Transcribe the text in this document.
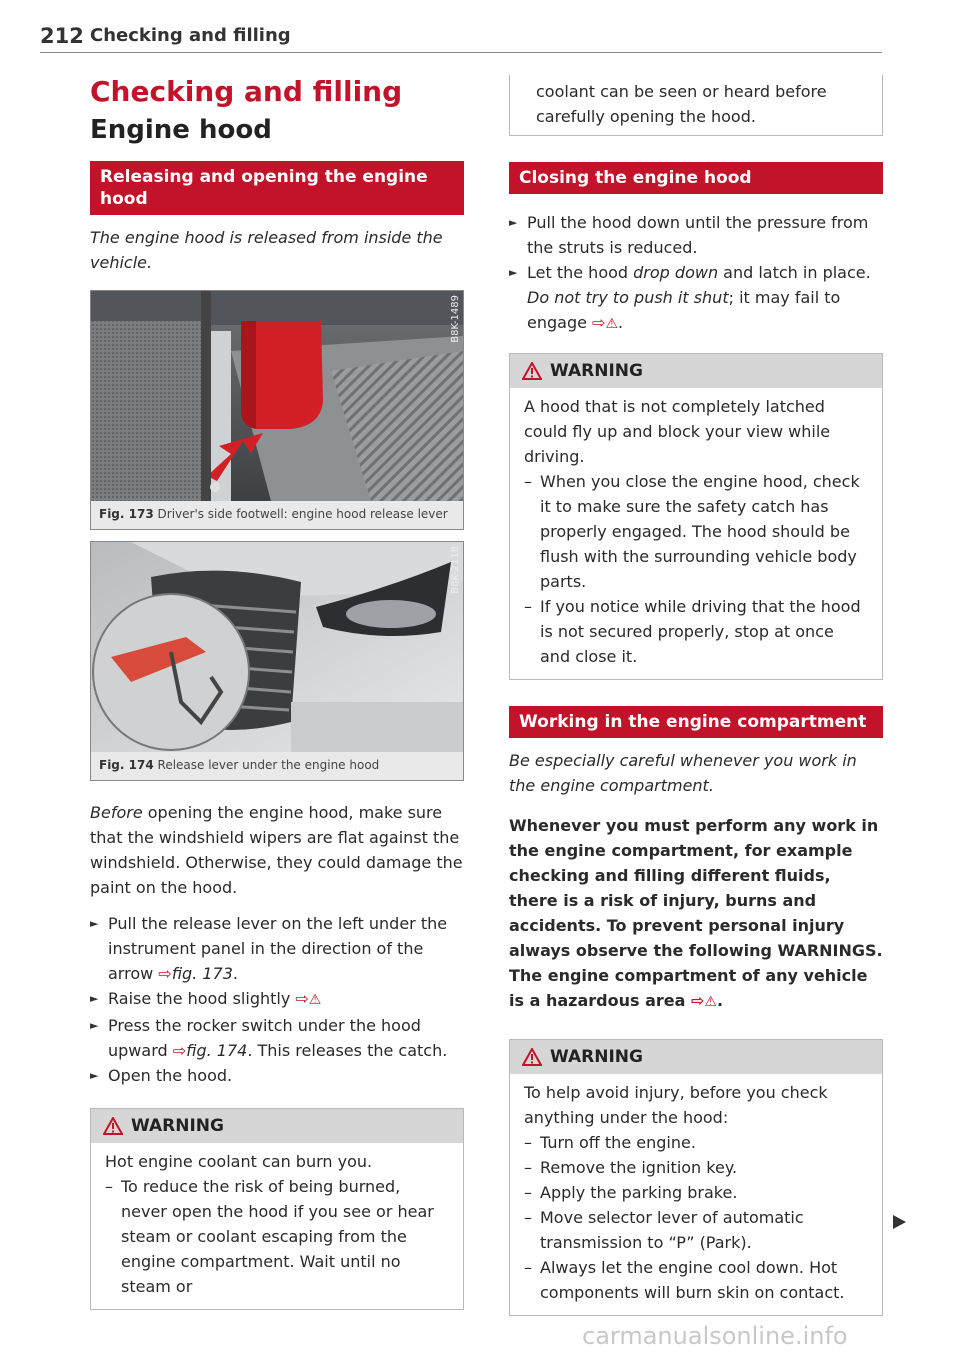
212 Checking and filling
Checking and filling
Engine hood
Releasing and opening the engine hood

The engine hood is released from inside the vehicle.

B8K-1489
Fig. 173 Driver's side footwell: engine hood release lever
B8K-2118
Fig. 174 Release lever under the engine hood

Before opening the engine hood, make sure that the windshield wipers are flat against the windshield. Otherwise, they could damage the paint on the hood.

► Pull the release lever on the left under the instrument panel in the direction of the arrow ⇨fig. 173.
► Raise the hood slightly ⇨⚠
► Press the rocker switch under the hood upward ⇨fig. 174. This releases the catch.
► Open the hood.
WARNING
Hot engine coolant can burn you.
– To reduce the risk of being burned, never open the hood if you see or hear steam or coolant escaping from the engine compartment. Wait until no steam or
coolant can be seen or heard before carefully opening the hood.
Closing the engine hood
► Pull the hood down until the pressure from the struts is reduced.
► Let the hood drop down and latch in place. Do not try to push it shut; it may fail to engage ⇨⚠.
WARNING
A hood that is not completely latched could fly up and block your view while driving.
– When you close the engine hood, check it to make sure the safety catch has properly engaged. The hood should be flush with the surrounding vehicle body parts.
– If you notice while driving that the hood is not secured properly, stop at once and close it.
Working in the engine compartment

Be especially careful whenever you work in the engine compartment.

Whenever you must perform any work in the engine compartment, for example checking and filling different fluids, there is a risk of injury, burns and accidents. To prevent personal injury always observe the following WARNINGS. The engine compartment of any vehicle is a hazardous area ⇨⚠.

WARNING
To help avoid injury, before you check anything under the hood:
– Turn off the engine.
– Remove the ignition key.
– Apply the parking brake.
– Move selector lever of automatic transmission to “P” (Park).
– Always let the engine cool down. Hot components will burn skin on contact.
carmanualsonline.info
